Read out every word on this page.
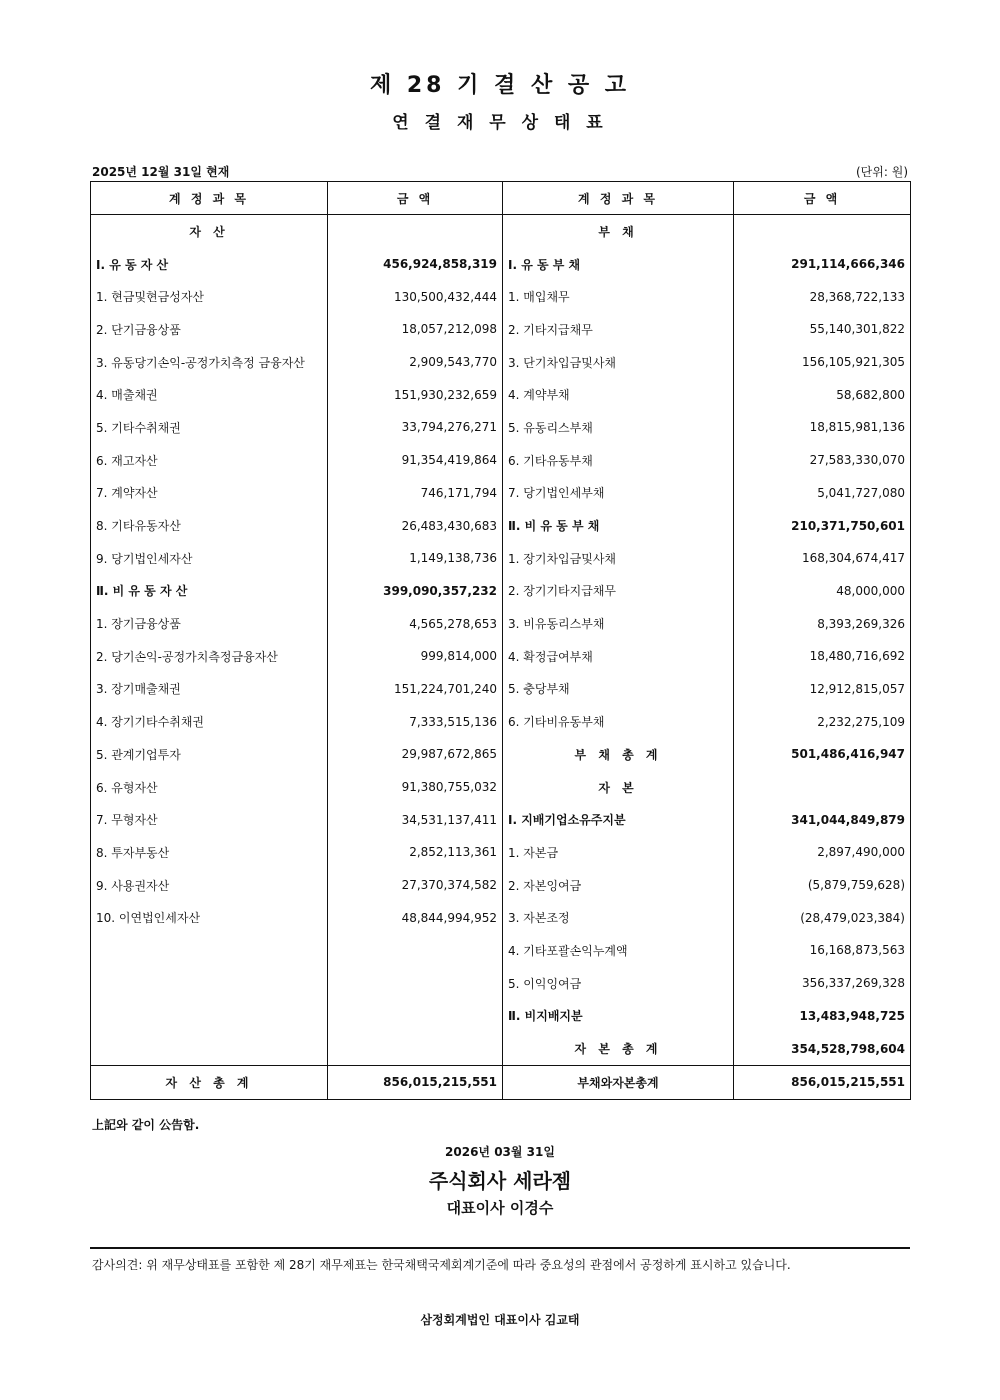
제 28 기 결 산 공 고
연 결 재 무 상 태 표
2025년 12월 31일 현재	(단위: 원)
계 정 과 목	금 액	계 정 과 목	금 액
자 산		부 채	
Ⅰ. 유 동 자 산	456,924,858,319	Ⅰ. 유 동 부 채	291,114,666,346
1. 현금및현금성자산	130,500,432,444	1. 매입채무	28,368,722,133
2. 단기금융상품	18,057,212,098	2. 기타지급채무	55,140,301,822
3. 유동당기손익-공정가치측정 금융자산	2,909,543,770	3. 단기차입금및사채	156,105,921,305
4. 매출채권	151,930,232,659	4. 계약부채	58,682,800
5. 기타수취채권	33,794,276,271	5. 유동리스부채	18,815,981,136
6. 재고자산	91,354,419,864	6. 기타유동부채	27,583,330,070
7. 계약자산	746,171,794	7. 당기법인세부채	5,041,727,080
8. 기타유동자산	26,483,430,683	Ⅱ. 비 유 동 부 채	210,371,750,601
9. 당기법인세자산	1,149,138,736	1. 장기차입금및사채	168,304,674,417
Ⅱ. 비 유 동 자 산	399,090,357,232	2. 장기기타지급채무	48,000,000
1. 장기금융상품	4,565,278,653	3. 비유동리스부채	8,393,269,326
2. 당기손익-공정가치측정금융자산	999,814,000	4. 확정급여부채	18,480,716,692
3. 장기매출채권	151,224,701,240	5. 충당부채	12,912,815,057
4. 장기기타수취채권	7,333,515,136	6. 기타비유동부채	2,232,275,109
5. 관계기업투자	29,987,672,865	부 채 총 계	501,486,416,947
6. 유형자산	91,380,755,032	자 본	
7. 무형자산	34,531,137,411	Ⅰ. 지배기업소유주지분	341,044,849,879
8. 투자부동산	2,852,113,361	1. 자본금	2,897,490,000
9. 사용권자산	27,370,374,582	2. 자본잉여금	(5,879,759,628)
10. 이연법인세자산	48,844,994,952	3. 자본조정	(28,479,023,384)
		4. 기타포괄손익누계액	16,168,873,563
		5. 이익잉여금	356,337,269,328
		Ⅱ. 비지배지분	13,483,948,725
		자 본 총 계	354,528,798,604
자 산 총 계	856,015,215,551	부채와자본총계	856,015,215,551
上記와 같이 公告함.
2026년 03월 31일
주식회사 세라젬
대표이사 이경수
감사의견: 위 재무상태표를 포함한 제 28기 재무제표는 한국채택국제회계기준에 따라 중요성의 관점에서 공정하게 표시하고 있습니다.
삼정회계법인 대표이사 김교태
